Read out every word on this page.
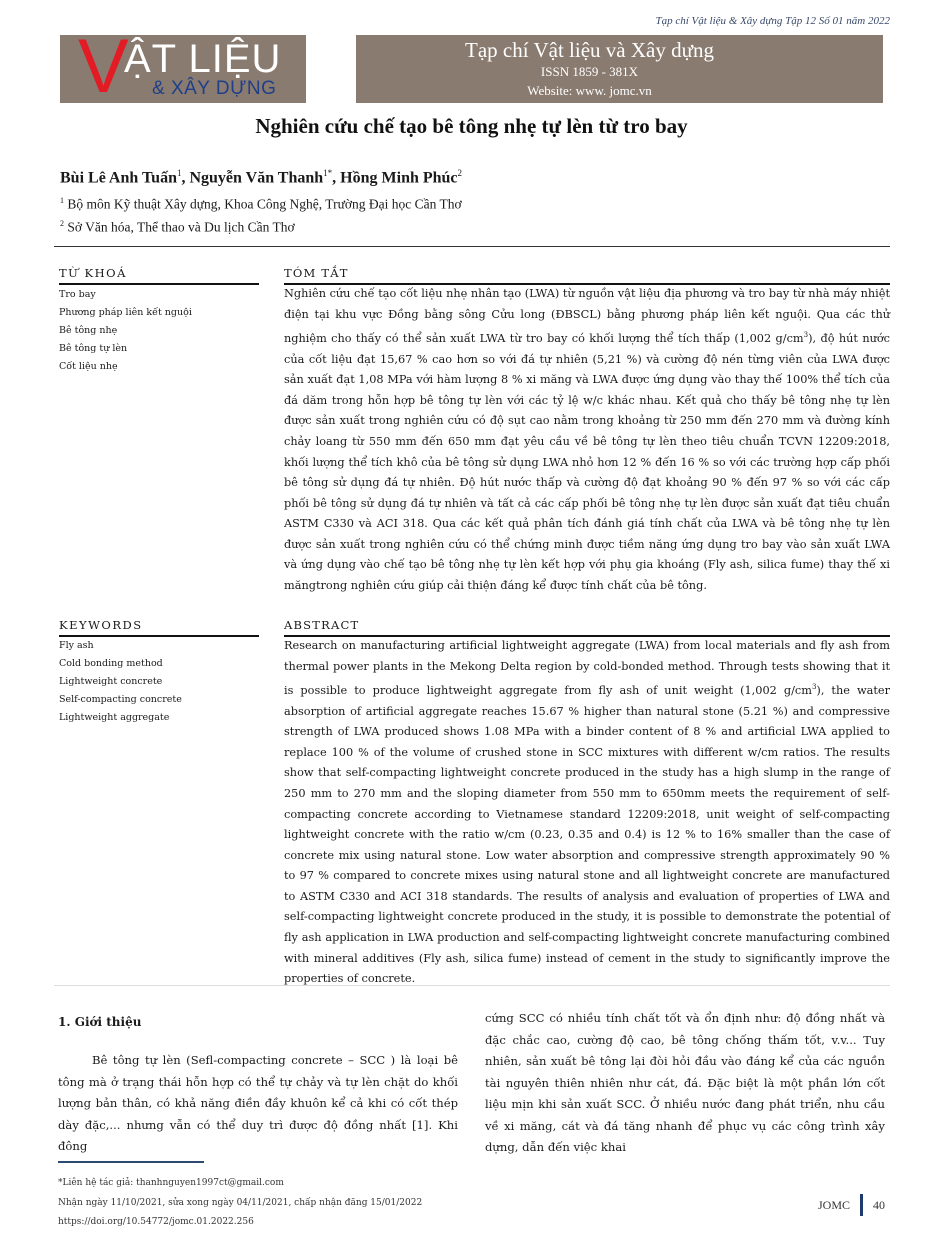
Tạp chí Vật liệu & Xây dựng Tập 12 Số 01 năm 2022
V
ẬT LIỆU
& XÂY DỰNG
Tạp chí Vật liệu và Xây dựng
ISSN 1859 - 381X
Website: www. jomc.vn
Nghiên cứu chế tạo bê tông nhẹ tự lèn từ tro bay
Bùi Lê Anh Tuấn$^1$, Nguyễn Văn Thanh$^{1*}$, Hồng Minh Phúc$^2$
$^1$ Bộ môn Kỹ thuật Xây dựng, Khoa Công Nghệ, Trường Đại học Cần Thơ
$^2$ Sở Văn hóa, Thể thao và Du lịch Cần Thơ
TỪ KHOÁ
Tro bay
Phương pháp liên kết nguội
Bê tông nhẹ
Bê tông tự lèn
Cốt liệu nhẹ
TÓM TẮT

Nghiên cứu chế tạo cốt liệu nhẹ nhân tạo (LWA) từ nguồn vật liệu địa phương và tro bay từ nhà máy nhiệt điện tại khu vực Đồng bằng sông Cửu long (ĐBSCL) bằng phương pháp liên kết nguội. Qua các thử nghiệm cho thấy có thể sản xuất LWA từ tro bay có khối lượng thể tích thấp (1,002 $g/cm^3$), độ hút nước của cốt liệu đạt 15,67 % cao hơn so với đá tự nhiên (5,21 %) và cường độ nén từng viên của LWA được sản xuất đạt 1,08 MPa với hàm lượng 8 % xi măng và LWA được ứng dụng vào thay thế 100% thể tích của đá dăm trong hỗn hợp bê tông tự lèn với các tỷ lệ w/c khác nhau. Kết quả cho thấy bê tông nhẹ tự lèn được sản xuất trong nghiên cứu có độ sụt cao nằm trong khoảng từ 250 mm đến 270 mm và đường kính chảy loang từ 550 mm đến 650 mm đạt yêu cầu về bê tông tự lèn theo tiêu chuẩn TCVN 12209:2018, khối lượng thể tích khô của bê tông sử dụng LWA nhỏ hơn 12 % đến 16 % so với các trường hợp cấp phối bê tông sử dụng đá tự nhiên. Độ hút nước thấp và cường độ đạt khoảng 90 % đến 97 % so với các cấp phối bê tông sử dụng đá tự nhiên và tất cả các cấp phối bê tông nhẹ tự lèn được sản xuất đạt tiêu chuẩn ASTM C330 và ACI 318. Qua các kết quả phân tích đánh giá tính chất của LWA và bê tông nhẹ tự lèn được sản xuất trong nghiên cứu có thể chứng minh được tiềm năng ứng dụng tro bay vào sản xuất LWA và ứng dụng vào chế tạo bê tông nhẹ tự lèn kết hợp với phụ gia khoáng (Fly ash, silica fume) thay thế xi măngtrong nghiên cứu giúp cải thiện đáng kể được tính chất của bê tông.

KEYWORDS
Fly ash
Cold bonding method
Lightweight concrete
Self-compacting concrete
Lightweight aggregate
ABSTRACT

Research on manufacturing artificial lightweight aggregate (LWA) from local materials and fly ash from thermal power plants in the Mekong Delta region by cold-bonded method. Through tests showing that it is possible to produce lightweight aggregate from fly ash of unit weight (1,002 $g/cm^3$), the water absorption of artificial aggregate reaches 15.67 % higher than natural stone (5.21 %) and compressive strength of LWA produced shows 1.08 MPa with a binder content of 8 % and artificial LWA applied to replace 100 % of the volume of crushed stone in SCC mixtures with different w/cm ratios. The results show that self-compacting lightweight concrete produced in the study has a high slump in the range of 250 mm to 270 mm and the sloping diameter from 550 mm to 650mm meets the requirement of self-compacting concrete according to Vietnamese standard 12209:2018, unit weight of self-compacting lightweight concrete with the ratio w/cm (0.23, 0.35 and 0.4) is 12 % to 16% smaller than the case of concrete mix using natural stone. Low water absorption and compressive strength approximately 90 % to 97 % compared to concrete mixes using natural stone and all lightweight concrete are manufactured to ASTM C330 and ACI 318 standards. The results of analysis and evaluation of properties of LWA and self-compacting lightweight concrete produced in the study, it is possible to demonstrate the potential of fly ash application in LWA production and self-compacting lightweight concrete manufacturing combined with mineral additives (Fly ash, silica fume) instead of cement in the study to significantly improve the properties of concrete.

1. Giới thiệu

Bê tông tự lèn (Sefl-compacting concrete – SCC ) là loại bê tông mà ở trạng thái hỗn hợp có thể tự chảy và tự lèn chặt do khối lượng bản thân, có khả năng điền đầy khuôn kể cả khi có cốt thép dày đặc,... nhưng vẫn có thể duy trì được độ đồng nhất [1]. Khi đông

cứng SCC có nhiều tính chất tốt và ổn định như: độ đồng nhất và đặc chắc cao, cường độ cao, bê tông chống thấm tốt, v.v... Tuy nhiên, sản xuất bê tông lại đòi hỏi đầu vào đáng kể của các nguồn tài nguyên thiên nhiên như cát, đá. Đặc biệt là một phần lớn cốt liệu mịn khi sản xuất SCC. Ở nhiều nước đang phát triển, nhu cầu về xi măng, cát và đá tăng nhanh để phục vụ các công trình xây dựng, dẫn đến việc khai

*Liên hệ tác giả: thanhnguyen1997ct@gmail.com
Nhận ngày 11/10/2021, sửa xong ngày 04/11/2021, chấp nhận đăng 15/01/2022
https://doi.org/10.54772/jomc.01.2022.256
JOMC 40
